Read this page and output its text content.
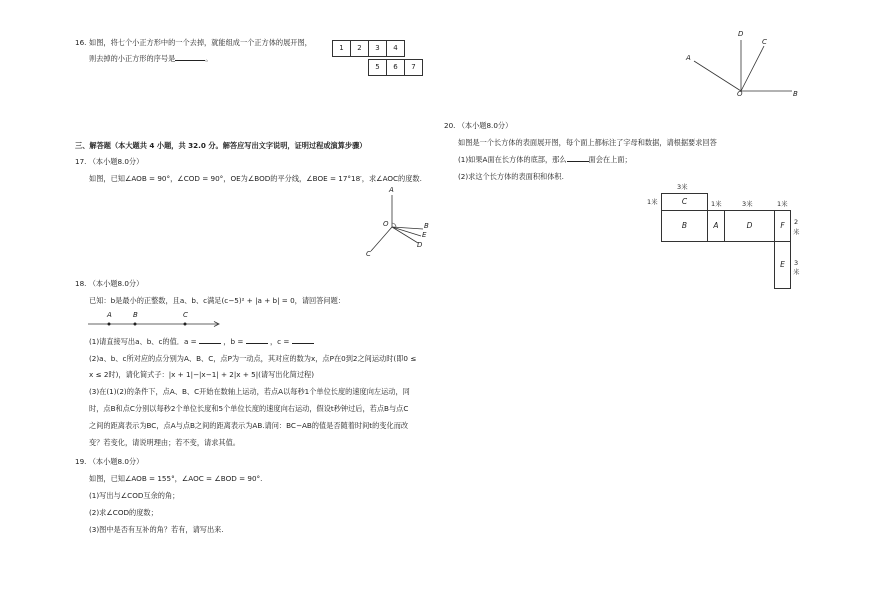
16. 如图，将七个小正方形中的一个去掉，就能组成一个正方体的展开图，
则去掉的小正方形的序号是	。
1	2	3	4
5	6	7
A
D
C
O	B
三、解答题（本大题共 4 小题，共 32.0 分。解答应写出文字说明，证明过程或演算步骤）
17. （本小题8.0分）
如图，已知∠AOB = 90°，∠COD = 90°，OE为∠BOD的平分线，∠BOE = 17°18′，求∠AOC的度数.
A
O	B
E
D
C
18. （本小题8.0分）
已知：b是最小的正整数，且a、b、c满足(c−5)² + |a + b| = 0，请回答问题：
A	B	C
(1)请直接写出a、b、c的值．a =	，b =	，c =
(2)a、b、c所对应的点分别为A、B、C，点P为一动点，其对应的数为x，点P在0到2之间运动时(即0 ≤
x ≤ 2时)，请化简式子：|x + 1|−|x−1| + 2|x + 5|(请写出化简过程)
(3)在(1)(2)的条件下，点A、B、C开始在数轴上运动，若点A以每秒1个单位长度的速度向左运动，同
时，点B和点C分别以每秒2个单位长度和5个单位长度的速度向右运动，假设t秒钟过后，若点B与点C
之间的距离表示为BC，点A与点B之间的距离表示为AB.请问：BC−AB的值是否随着时间t的变化而改
变？若变化，请说明理由；若不变，请求其值。
19. （本小题8.0分）
如图，已知∠AOB = 155°，∠AOC = ∠BOD = 90°.
(1)写出与∠COD互余的角；
(2)求∠COD的度数；
(3)图中是否有互补的角？若有，请写出来.
20. （本小题8.0分）
如图是一个长方体的表面展开图，每个面上都标注了字母和数据，请根据要求回答
(1)如果A面在长方体的底部，那么	面会在上面；
(2)求这个长方体的表面积和体积.
C
B	A	D	F
E
3米
1米	1米	3米	1米
2
米
3
米
